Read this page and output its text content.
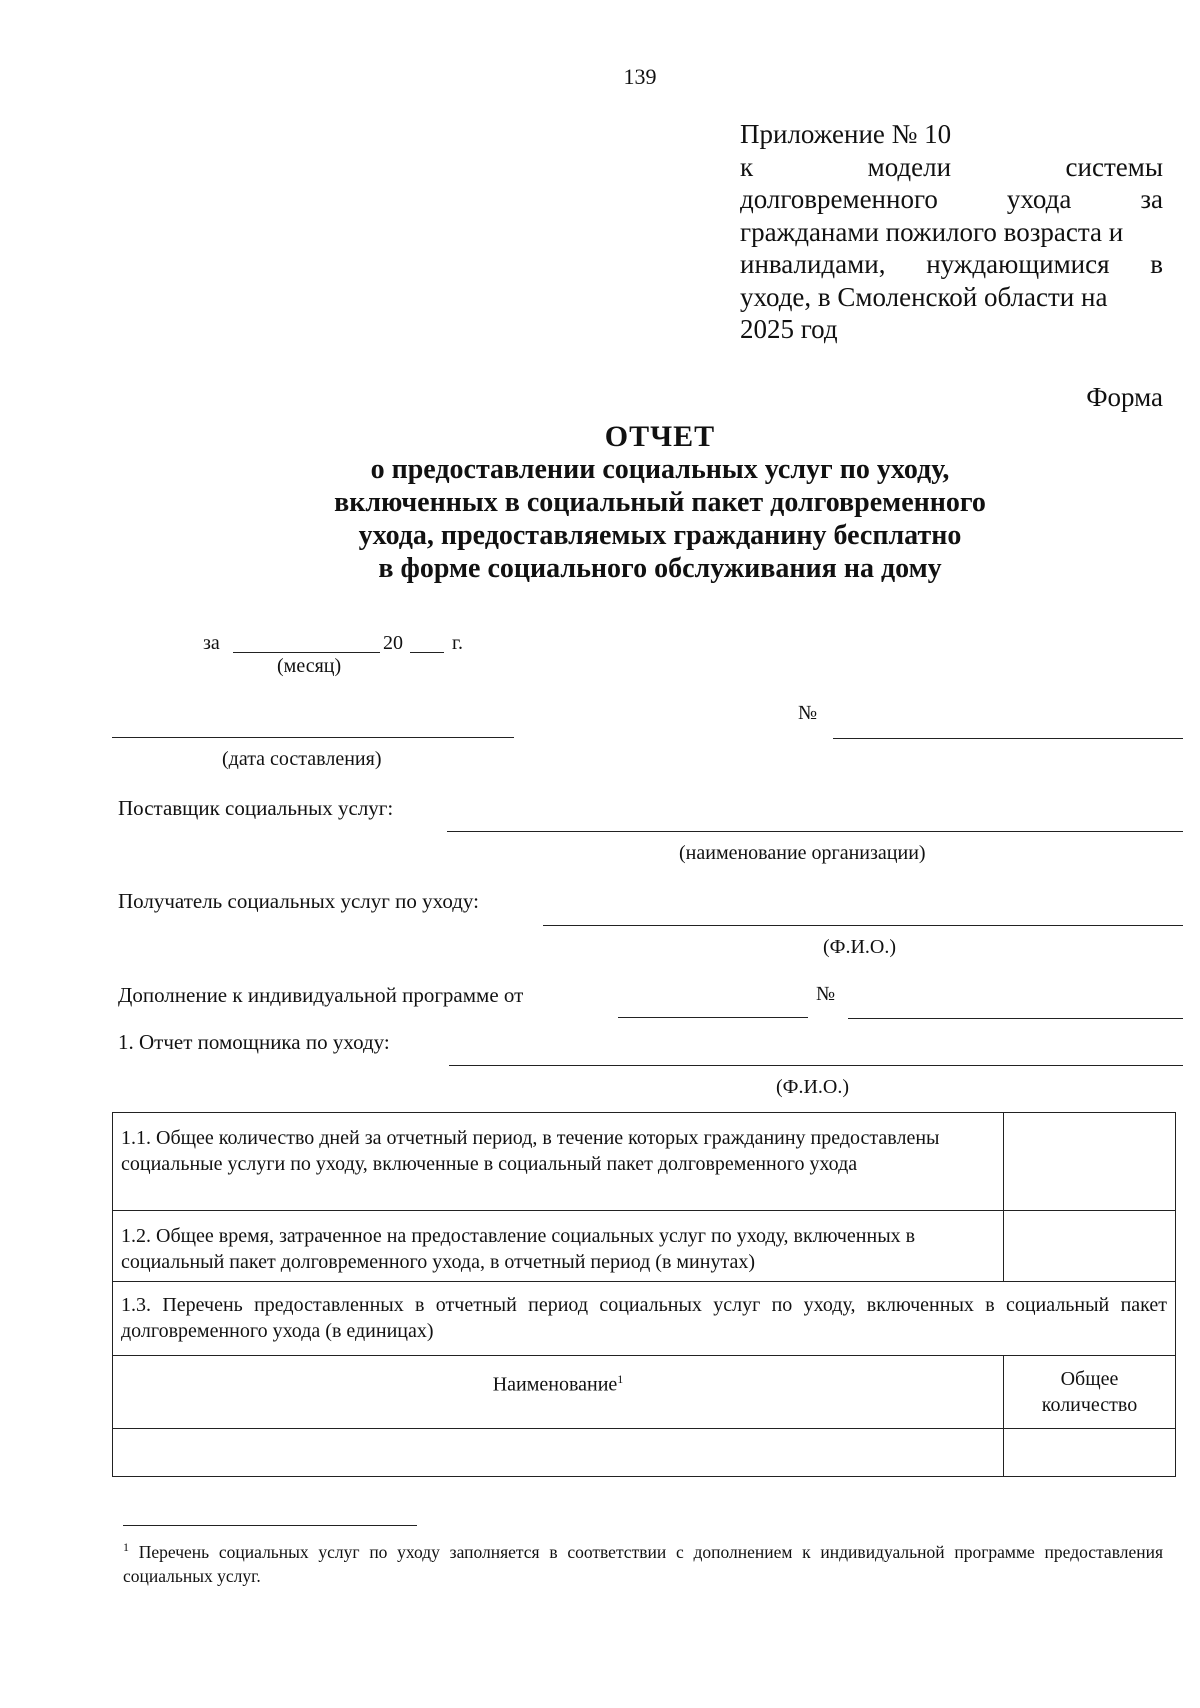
139
Приложение № 10
к	модели	системы
долговременного	ухода	за
гражданами пожилого возраста и
инвалидами, нуждающимися в
уходе, в Смоленской области на
2025 год
Форма
ОТЧЕТ
о предоставлении социальных услуг по уходу,
включенных в социальный пакет долговременного
ухода, предоставляемых гражданину бесплатно
в форме социального обслуживания на дому
за	20 г.
(месяц)
№
(дата составления)
Поставщик социальных услуг:
(наименование организации)
Получатель социальных услуг по уходу:
(Ф.И.О.)
Дополнение к индивидуальной программе от	№
1. Отчет помощника по уходу:
(Ф.И.О.)
1.1. Общее количество дней за отчетный период, в течение которых гражданину предоставлены социальные услуги по уходу, включенные в социальный пакет долговременного ухода	
1.2. Общее время, затраченное на предоставление социальных услуг по уходу, включенных в социальный пакет долговременного ухода, в отчетный период (в минутах)	
1.3. Перечень предоставленных в отчетный период социальных услуг по уходу, включенных в социальный пакет долговременного ухода (в единицах)	
Наименование$^1$	Общее количество

$^1$ Перечень социальных услуг по уходу заполняется в соответствии с дополнением к индивидуальной программе предоставления социальных услуг.
